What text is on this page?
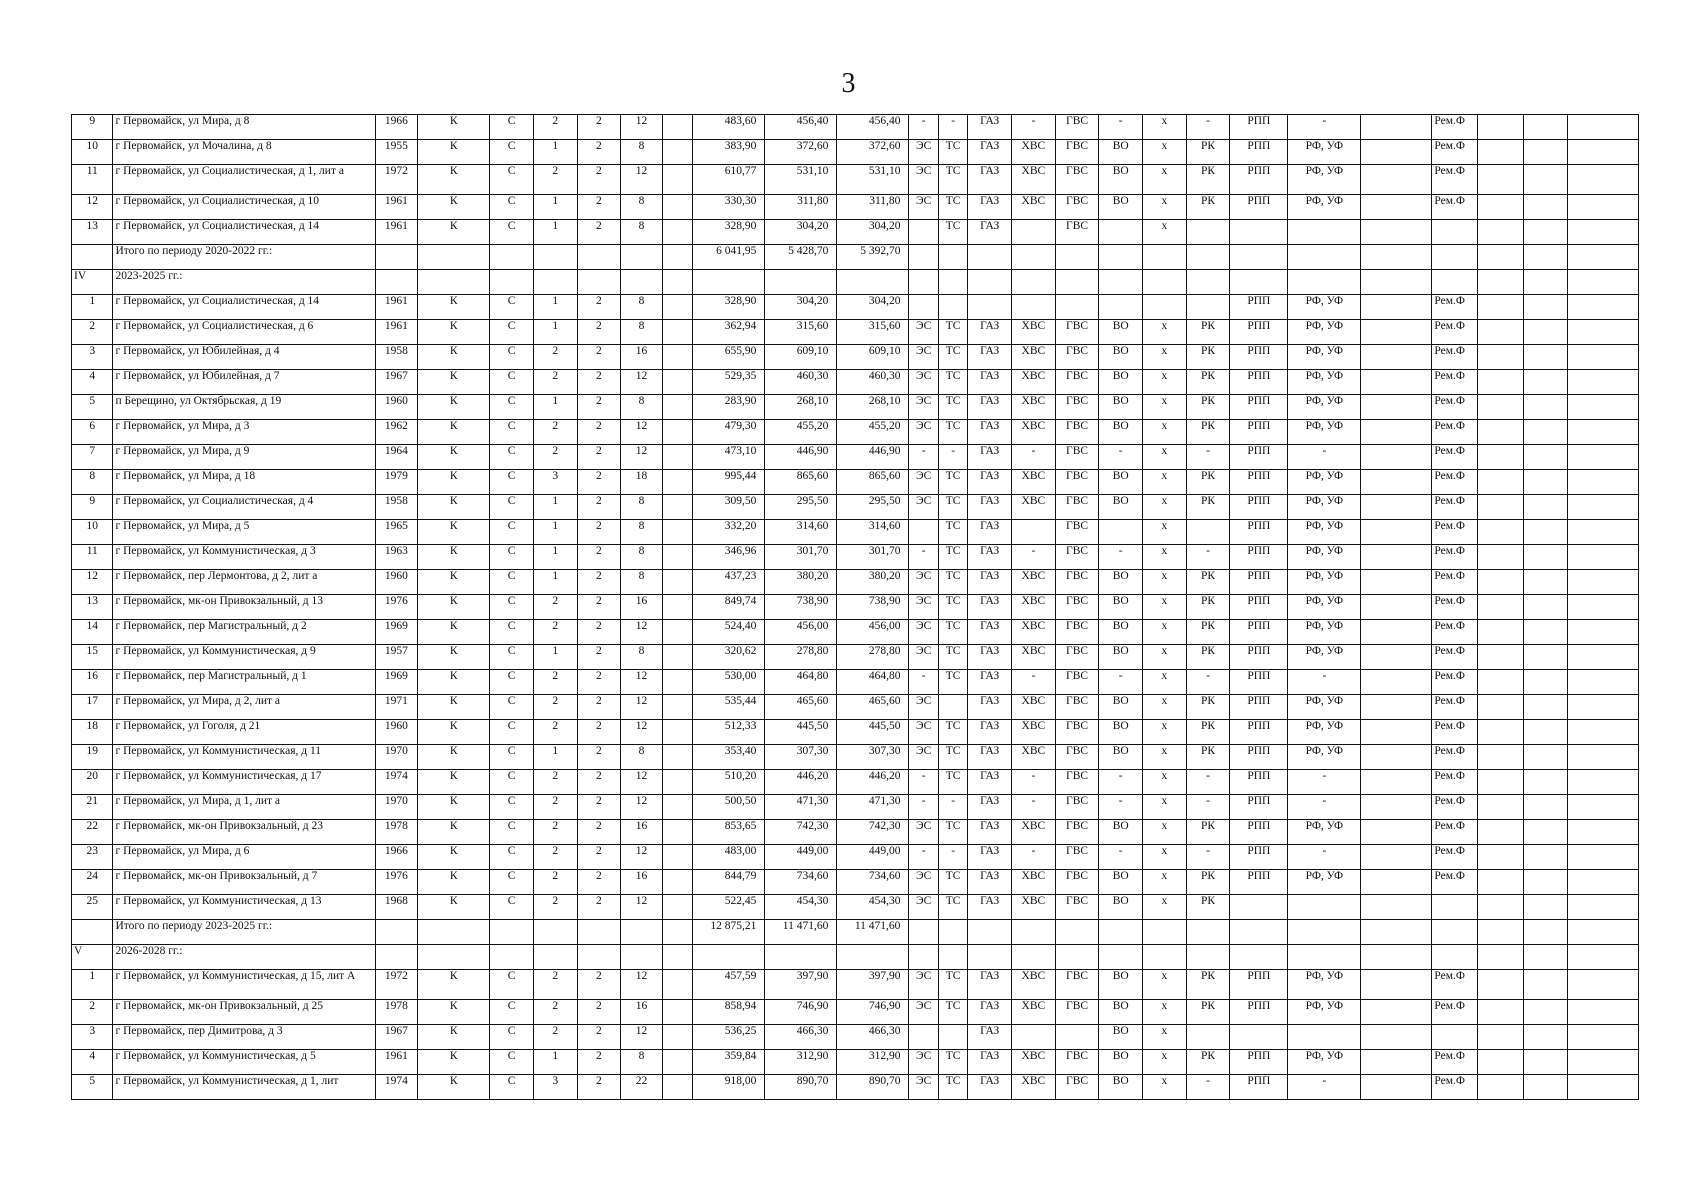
3
9	г Первомайск, ул Мира, д 8	1966	К	С	2	2	12		483,60	456,40	456,40	-	-	ГАЗ	-	ГВС	-	х	-	РПП	-		Рем.Ф			
10	г Первомайск, ул Мочалина, д 8	1955	К	С	1	2	8		383,90	372,60	372,60	ЭС	ТС	ГАЗ	ХВС	ГВС	ВО	х	РК	РПП	РФ, УФ		Рем.Ф			
11	г Первомайск, ул Социалистическая, д 1, лит а	1972	К	С	2	2	12		610,77	531,10	531,10	ЭС	ТС	ГАЗ	ХВС	ГВС	ВО	х	РК	РПП	РФ, УФ		Рем.Ф			
12	г Первомайск, ул Социалистическая, д 10	1961	К	С	1	2	8		330,30	311,80	311,80	ЭС	ТС	ГАЗ	ХВС	ГВС	ВО	х	РК	РПП	РФ, УФ		Рем.Ф			
13	г Первомайск, ул Социалистическая, д 14	1961	К	С	1	2	8		328,90	304,20	304,20		ТС	ГАЗ		ГВС		х								
	Итого по периоду 2020-2022 гг.:								6 041,95	5 428,70	5 392,70															
IV	2023-2025 гг.:																									
1	г Первомайск, ул Социалистическая, д 14	1961	К	С	1	2	8		328,90	304,20	304,20									РПП	РФ, УФ		Рем.Ф			
2	г Первомайск, ул Социалистическая, д 6	1961	К	С	1	2	8		362,94	315,60	315,60	ЭС	ТС	ГАЗ	ХВС	ГВС	ВО	х	РК	РПП	РФ, УФ		Рем.Ф			
3	г Первомайск, ул Юбилейная, д 4	1958	К	С	2	2	16		655,90	609,10	609,10	ЭС	ТС	ГАЗ	ХВС	ГВС	ВО	х	РК	РПП	РФ, УФ		Рем.Ф			
4	г Первомайск, ул Юбилейная, д 7	1967	К	С	2	2	12		529,35	460,30	460,30	ЭС	ТС	ГАЗ	ХВС	ГВС	ВО	х	РК	РПП	РФ, УФ		Рем.Ф			
5	п Берещино, ул Октябрьская, д 19	1960	К	С	1	2	8		283,90	268,10	268,10	ЭС	ТС	ГАЗ	ХВС	ГВС	ВО	х	РК	РПП	РФ, УФ		Рем.Ф			
6	г Первомайск, ул Мира, д 3	1962	К	С	2	2	12		479,30	455,20	455,20	ЭС	ТС	ГАЗ	ХВС	ГВС	ВО	х	РК	РПП	РФ, УФ		Рем.Ф			
7	г Первомайск, ул Мира, д 9	1964	К	С	2	2	12		473,10	446,90	446,90	-	-	ГАЗ	-	ГВС	-	х	-	РПП	-		Рем.Ф			
8	г Первомайск, ул Мира, д 18	1979	К	С	3	2	18		995,44	865,60	865,60	ЭС	ТС	ГАЗ	ХВС	ГВС	ВО	х	РК	РПП	РФ, УФ		Рем.Ф			
9	г Первомайск, ул Социалистическая, д 4	1958	К	С	1	2	8		309,50	295,50	295,50	ЭС	ТС	ГАЗ	ХВС	ГВС	ВО	х	РК	РПП	РФ, УФ		Рем.Ф			
10	г Первомайск, ул Мира, д 5	1965	К	С	1	2	8		332,20	314,60	314,60		ТС	ГАЗ		ГВС		х		РПП	РФ, УФ		Рем.Ф			
11	г Первомайск, ул Коммунистическая, д 3	1963	К	С	1	2	8		346,96	301,70	301,70	-	ТС	ГАЗ	-	ГВС	-	х	-	РПП	РФ, УФ		Рем.Ф			
12	г Первомайск, пер Лермонтова, д 2, лит а	1960	К	С	1	2	8		437,23	380,20	380,20	ЭС	ТС	ГАЗ	ХВС	ГВС	ВО	х	РК	РПП	РФ, УФ		Рем.Ф			
13	г Первомайск, мк-он Привокзальный, д 13	1976	К	С	2	2	16		849,74	738,90	738,90	ЭС	ТС	ГАЗ	ХВС	ГВС	ВО	х	РК	РПП	РФ, УФ		Рем.Ф			
14	г Первомайск, пер Магистральный, д 2	1969	К	С	2	2	12		524,40	456,00	456,00	ЭС	ТС	ГАЗ	ХВС	ГВС	ВО	х	РК	РПП	РФ, УФ		Рем.Ф			
15	г Первомайск, ул Коммунистическая, д 9	1957	К	С	1	2	8		320,62	278,80	278,80	ЭС	ТС	ГАЗ	ХВС	ГВС	ВО	х	РК	РПП	РФ, УФ		Рем.Ф			
16	г Первомайск, пер Магистральный, д 1	1969	К	С	2	2	12		530,00	464,80	464,80	-	ТС	ГАЗ	-	ГВС	-	х	-	РПП	-		Рем.Ф			
17	г Первомайск, ул Мира, д 2, лит а	1971	К	С	2	2	12		535,44	465,60	465,60	ЭС		ГАЗ	ХВС	ГВС	ВО	х	РК	РПП	РФ, УФ		Рем.Ф			
18	г Первомайск, ул Гоголя, д 21	1960	К	С	2	2	12		512,33	445,50	445,50	ЭС	ТС	ГАЗ	ХВС	ГВС	ВО	х	РК	РПП	РФ, УФ		Рем.Ф			
19	г Первомайск, ул Коммунистическая, д 11	1970	К	С	1	2	8		353,40	307,30	307,30	ЭС	ТС	ГАЗ	ХВС	ГВС	ВО	х	РК	РПП	РФ, УФ		Рем.Ф			
20	г Первомайск, ул Коммунистическая, д 17	1974	К	С	2	2	12		510,20	446,20	446,20	-	ТС	ГАЗ	-	ГВС	-	х	-	РПП	-		Рем.Ф			
21	г Первомайск, ул Мира, д 1, лит а	1970	К	С	2	2	12		500,50	471,30	471,30	-	-	ГАЗ	-	ГВС	-	х	-	РПП	-		Рем.Ф			
22	г Первомайск, мк-он Привокзальный, д 23	1978	К	С	2	2	16		853,65	742,30	742,30	ЭС	ТС	ГАЗ	ХВС	ГВС	ВО	х	РК	РПП	РФ, УФ		Рем.Ф			
23	г Первомайск, ул Мира, д 6	1966	К	С	2	2	12		483,00	449,00	449,00	-	-	ГАЗ	-	ГВС	-	х	-	РПП	-		Рем.Ф			
24	г Первомайск, мк-он Привокзальный, д 7	1976	К	С	2	2	16		844,79	734,60	734,60	ЭС	ТС	ГАЗ	ХВС	ГВС	ВО	х	РК	РПП	РФ, УФ		Рем.Ф			
25	г Первомайск, ул Коммунистическая, д 13	1968	К	С	2	2	12		522,45	454,30	454,30	ЭС	ТС	ГАЗ	ХВС	ГВС	ВО	х	РК							
	Итого по периоду 2023-2025 гг.:								12 875,21	11 471,60	11 471,60															
V	2026-2028 гг.:																									
1	г Первомайск, ул Коммунистическая, д 15, лит А	1972	К	С	2	2	12		457,59	397,90	397,90	ЭС	ТС	ГАЗ	ХВС	ГВС	ВО	х	РК	РПП	РФ, УФ		Рем.Ф			
2	г Первомайск, мк-он Привокзальный, д 25	1978	К	С	2	2	16		858,94	746,90	746,90	ЭС	ТС	ГАЗ	ХВС	ГВС	ВО	х	РК	РПП	РФ, УФ		Рем.Ф			
3	г Первомайск, пер Димитрова, д 3	1967	К	С	2	2	12		536,25	466,30	466,30			ГАЗ			ВО	х								
4	г Первомайск, ул Коммунистическая, д 5	1961	К	С	1	2	8		359,84	312,90	312,90	ЭС	ТС	ГАЗ	ХВС	ГВС	ВО	х	РК	РПП	РФ, УФ		Рем.Ф			
5	г Первомайск, ул Коммунистическая, д 1, лит	1974	К	С	3	2	22		918,00	890,70	890,70	ЭС	ТС	ГАЗ	ХВС	ГВС	ВО	х	-	РПП	-		Рем.Ф			
